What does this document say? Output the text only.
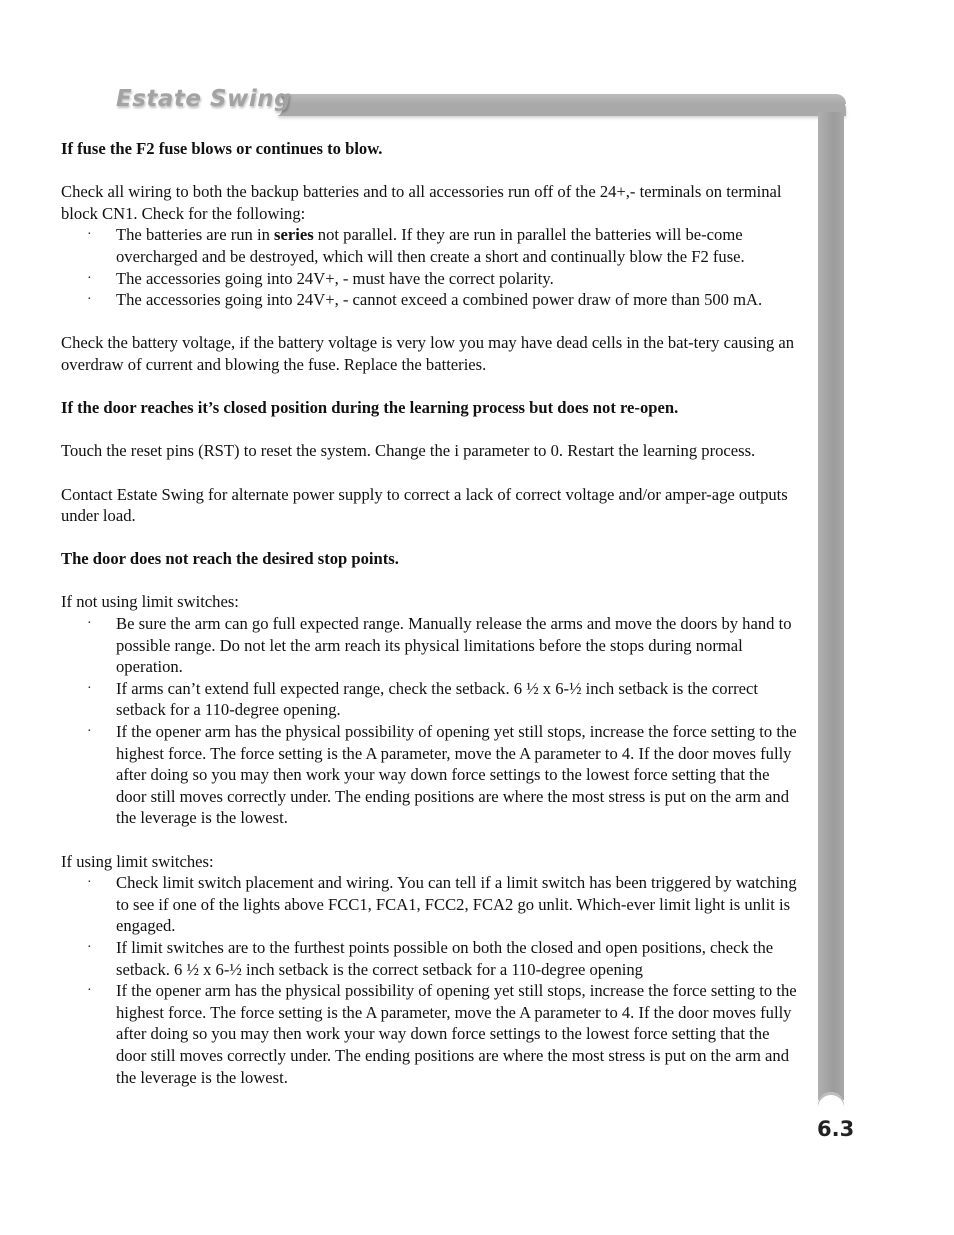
Estate Swing
6.3

If fuse the F2 fuse blows or continues to blow.

Check all wiring to both the backup batteries and to all accessories run off of the 24+,- terminals on terminal block CN1. Check for the following:

· The batteries are run in series not parallel. If they are run in parallel the batteries will be-come overcharged and be destroyed, which will then create a short and continually blow the F2 fuse.
· The accessories going into 24V+, - must have the correct polarity.
· The accessories going into 24V+, - cannot exceed a combined power draw of more than 500 mA.

Check the battery voltage, if the battery voltage is very low you may have dead cells in the bat-tery causing an overdraw of current and blowing the fuse. Replace the batteries.

If the door reaches it’s closed position during the learning process but does not re-open.

Touch the reset pins (RST) to reset the system. Change the i parameter to 0. Restart the learning process.

Contact Estate Swing for alternate power supply to correct a lack of correct voltage and/or amper-age outputs under load.

The door does not reach the desired stop points.

If not using limit switches:

· Be sure the arm can go full expected range. Manually release the arms and move the doors by hand to possible range. Do not let the arm reach its physical limitations before the stops during normal operation.
· If arms can’t extend full expected range, check the setback. 6 ½ x 6-½ inch setback is the correct setback for a 110-degree opening.
· If the opener arm has the physical possibility of opening yet still stops, increase the force setting to the highest force. The force setting is the A parameter, move the A parameter to 4. If the door moves fully after doing so you may then work your way down force settings to the lowest force setting that the door still moves correctly under. The ending positions are where the most stress is put on the arm and the leverage is the lowest.

If using limit switches:

· Check limit switch placement and wiring. You can tell if a limit switch has been triggered by watching to see if one of the lights above FCC1, FCA1, FCC2, FCA2 go unlit. Which-ever limit light is unlit is engaged.
· If limit switches are to the furthest points possible on both the closed and open positions, check the setback. 6 ½ x 6-½ inch setback is the correct setback for a 110-degree opening
· If the opener arm has the physical possibility of opening yet still stops, increase the force setting to the highest force. The force setting is the A parameter, move the A parameter to 4. If the door moves fully after doing so you may then work your way down force settings to the lowest force setting that the door still moves correctly under. The ending positions are where the most stress is put on the arm and the leverage is the lowest.
